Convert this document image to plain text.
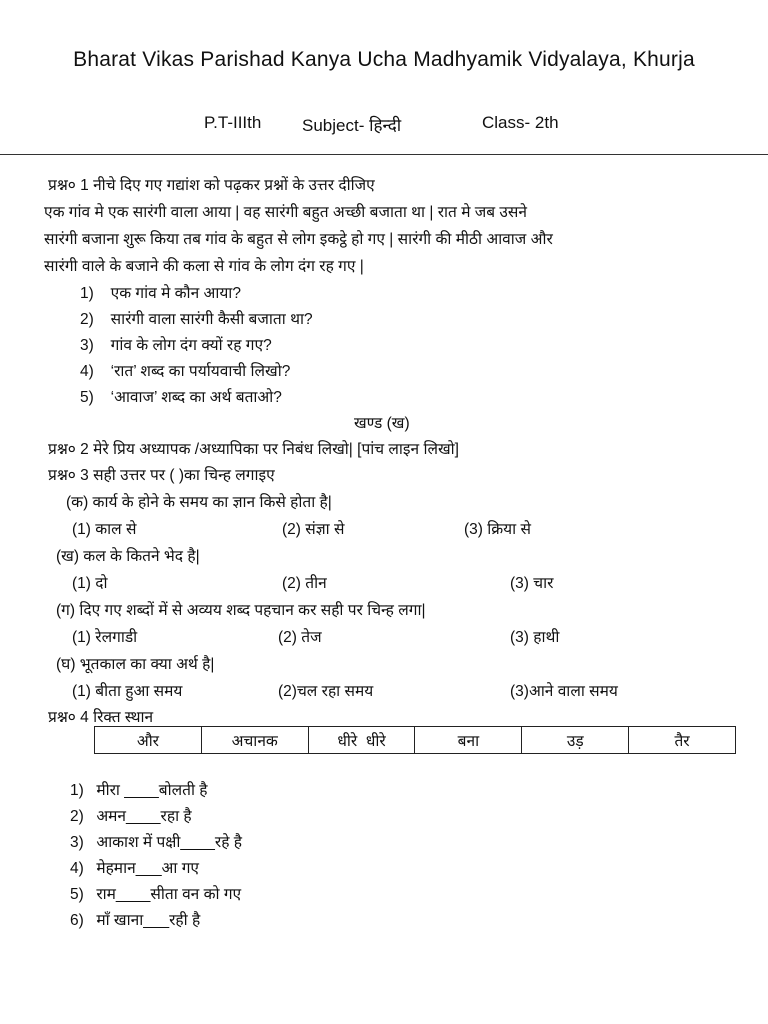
Bharat Vikas Parishad Kanya Ucha Madhyamik Vidyalaya, Khurja
P.T-IIIth Subject- हिन्दी	Class- 2th
प्रश्न० 1 नीचे दिए गए गद्यांश को पढ़कर प्रश्नों के उत्तर दीजिए
एक गांव मे एक सारंगी वाला आया | वह सारंगी बहुत अच्छी बजाता था | रात मे जब उसने
सारंगी बजाना शुरू किया तब गांव के बहुत से लोग इकट्ठे हो गए | सारंगी की मीठी आवाज और
सारंगी वाले के बजाने की कला से गांव के लोग दंग रह गए |
1) एक गांव मे कौन आया?
2) सारंगी वाला सारंगी कैसी बजाता था?
3) गांव के लोग दंग क्यों रह गए?
4) ‘रात’ शब्द का पर्यायवाची लिखो?
5) ‘आवाज’ शब्द का अर्थ बताओ?
खण्ड (ख)
प्रश्न० 2 मेरे प्रिय अध्यापक /अध्यापिका पर निबंध लिखो| [पांच लाइन लिखो]
प्रश्न० 3 सही उत्तर पर ( )का चिन्ह लगाइए
(क) कार्य के होने के समय का ज्ञान किसे होता है|
(1) काल से	(2) संज्ञा से	(3) क्रिया से
(ख) कल के कितने भेद है|
(1) दो	(2) तीन	(3) चार
(ग) दिए गए शब्दों में से अव्यय शब्द पहचान कर सही पर चिन्ह लगा|
(1) रेलगाडी	(2) तेज	(3) हाथी
(घ) भूतकाल का क्या अर्थ है|
(1) बीता हुआ समय	(2)चल रहा समय	(3)आने वाला समय
प्रश्न० 4 रिक्त स्थान
और	अचानक	धीरे  धीरे	बना	उड़	तैर
1) मीरा ____बोलती है
2) अमन____रहा है
3) आकाश में पक्षी____रहे है
4) मेहमान___आ गए
5) राम____सीता वन को गए
6) माँ खाना___रही है
